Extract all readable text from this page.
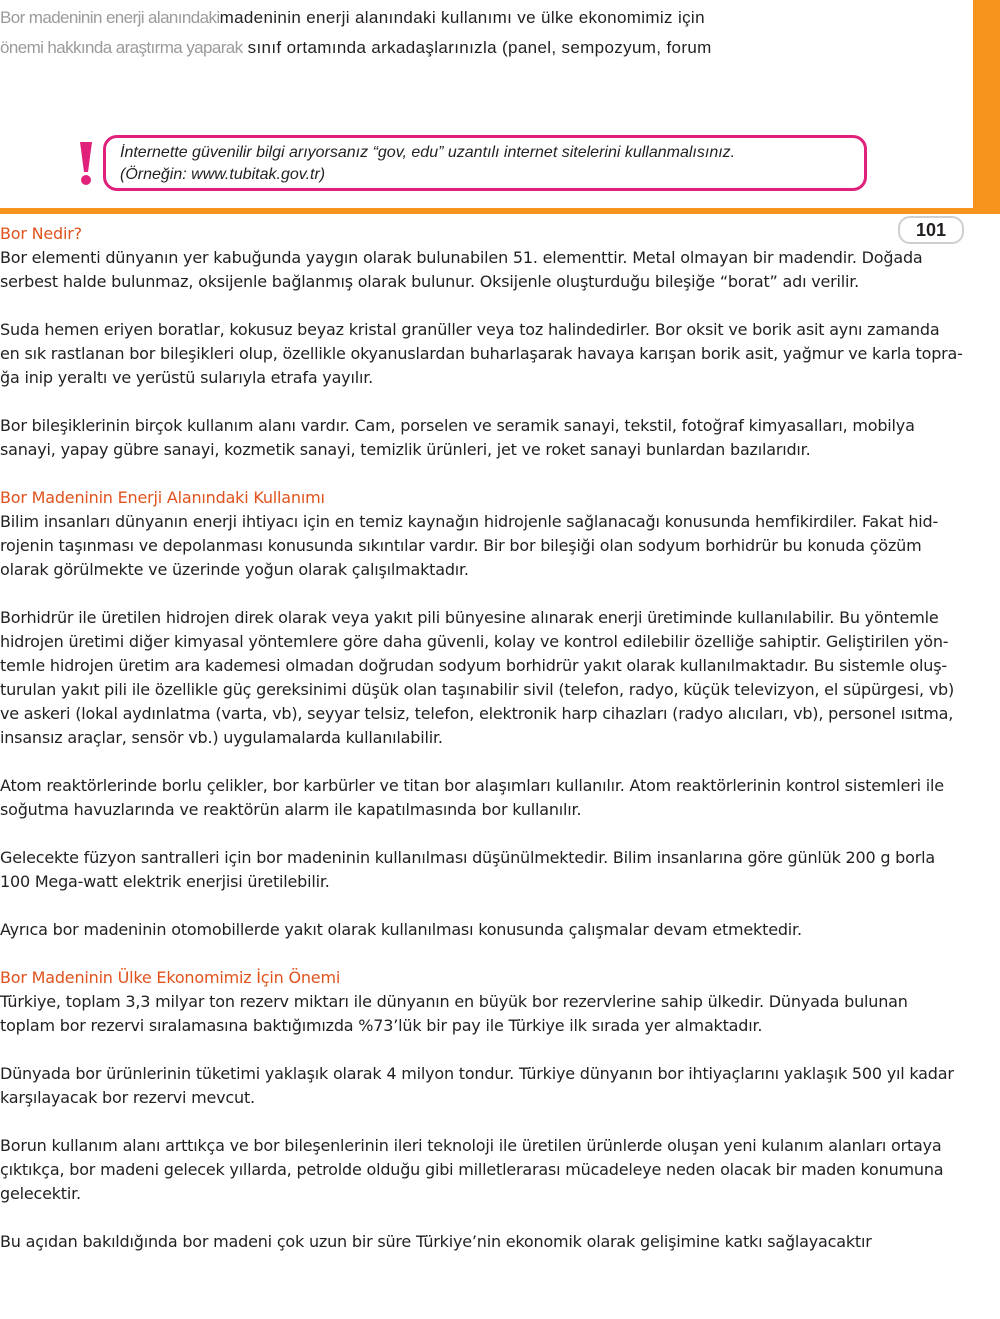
Bor madeninin enerji alanındakimadeninin enerji alanındaki kullanımı ve ülke ekonomimiz için
önemi hakkında araştırma yaparak sınıf ortamında arkadaşlarınızla (panel, sempozyum, forum
İnternette güvenilir bilgi arıyorsanız “gov, edu” uzantılı internet sitelerini kullanmalısınız.
(Örneğin: www.tubitak.gov.tr)
101
Bor Nedir?

Bor elementi dünyanın yer kabuğunda yaygın olarak bulunabilen 51. elementtir. Metal olmayan bir madendir. Doğada
serbest halde bulunmaz, oksijenle bağlanmış olarak bulunur. Oksijenle oluşturduğu bileşiğe “borat” adı verilir.

Suda hemen eriyen boratlar, kokusuz beyaz kristal granüller veya toz halindedirler. Bor oksit ve borik asit aynı zamanda
en sık rastlanan bor bileşikleri olup, özellikle okyanuslardan buharlaşarak havaya karışan borik asit, yağmur ve karla topra-
ğa inip yeraltı ve yerüstü sularıyla etrafa yayılır.

Bor bileşiklerinin birçok kullanım alanı vardır. Cam, porselen ve seramik sanayi, tekstil, fotoğraf kimyasalları, mobilya
sanayi, yapay gübre sanayi, kozmetik sanayi, temizlik ürünleri, jet ve roket sanayi bunlardan bazılarıdır.

Bor Madeninin Enerji Alanındaki Kullanımı

Bilim insanları dünyanın enerji ihtiyacı için en temiz kaynağın hidrojenle sağlanacağı konusunda hemfikirdiler. Fakat hid-
rojenin taşınması ve depolanması konusunda sıkıntılar vardır. Bir bor bileşiği olan sodyum borhidrür bu konuda çözüm
olarak görülmekte ve üzerinde yoğun olarak çalışılmaktadır.

Borhidrür ile üretilen hidrojen direk olarak veya yakıt pili bünyesine alınarak enerji üretiminde kullanılabilir. Bu yöntemle
hidrojen üretimi diğer kimyasal yöntemlere göre daha güvenli, kolay ve kontrol edilebilir özelliğe sahiptir. Geliştirilen yön-
temle hidrojen üretim ara kademesi olmadan doğrudan sodyum borhidrür yakıt olarak kullanılmaktadır. Bu sistemle oluş-
turulan yakıt pili ile özellikle güç gereksinimi düşük olan taşınabilir sivil (telefon, radyo, küçük televizyon, el süpürgesi, vb)
ve askeri (lokal aydınlatma (varta, vb), seyyar telsiz, telefon, elektronik harp cihazları (radyo alıcıları, vb), personel ısıtma,
insansız araçlar, sensör vb.) uygulamalarda kullanılabilir.

Atom reaktörlerinde borlu çelikler, bor karbürler ve titan bor alaşımları kullanılır. Atom reaktörlerinin kontrol sistemleri ile
soğutma havuzlarında ve reaktörün alarm ile kapatılmasında bor kullanılır.

Gelecekte füzyon santralleri için bor madeninin kullanılması düşünülmektedir. Bilim insanlarına göre günlük 200 g borla
100 Mega-watt elektrik enerjisi üretilebilir.

Ayrıca bor madeninin otomobillerde yakıt olarak kullanılması konusunda çalışmalar devam etmektedir.

Bor Madeninin Ülke Ekonomimiz İçin Önemi

Türkiye, toplam 3,3 milyar ton rezerv miktarı ile dünyanın en büyük bor rezervlerine sahip ülkedir. Dünyada bulunan
toplam bor rezervi sıralamasına baktığımızda %73’lük bir pay ile Türkiye ilk sırada yer almaktadır.

Dünyada bor ürünlerinin tüketimi yaklaşık olarak 4 milyon tondur. Türkiye dünyanın bor ihtiyaçlarını yaklaşık 500 yıl kadar
karşılayacak bor rezervi mevcut.

Borun kullanım alanı arttıkça ve bor bileşenlerinin ileri teknoloji ile üretilen ürünlerde oluşan yeni kulanım alanları ortaya
çıktıkça, bor madeni gelecek yıllarda, petrolde olduğu gibi milletlerarası mücadeleye neden olacak bir maden konumuna
gelecektir.

Bu açıdan bakıldığında bor madeni çok uzun bir süre Türkiye’nin ekonomik olarak gelişimine katkı sağlayacaktır
